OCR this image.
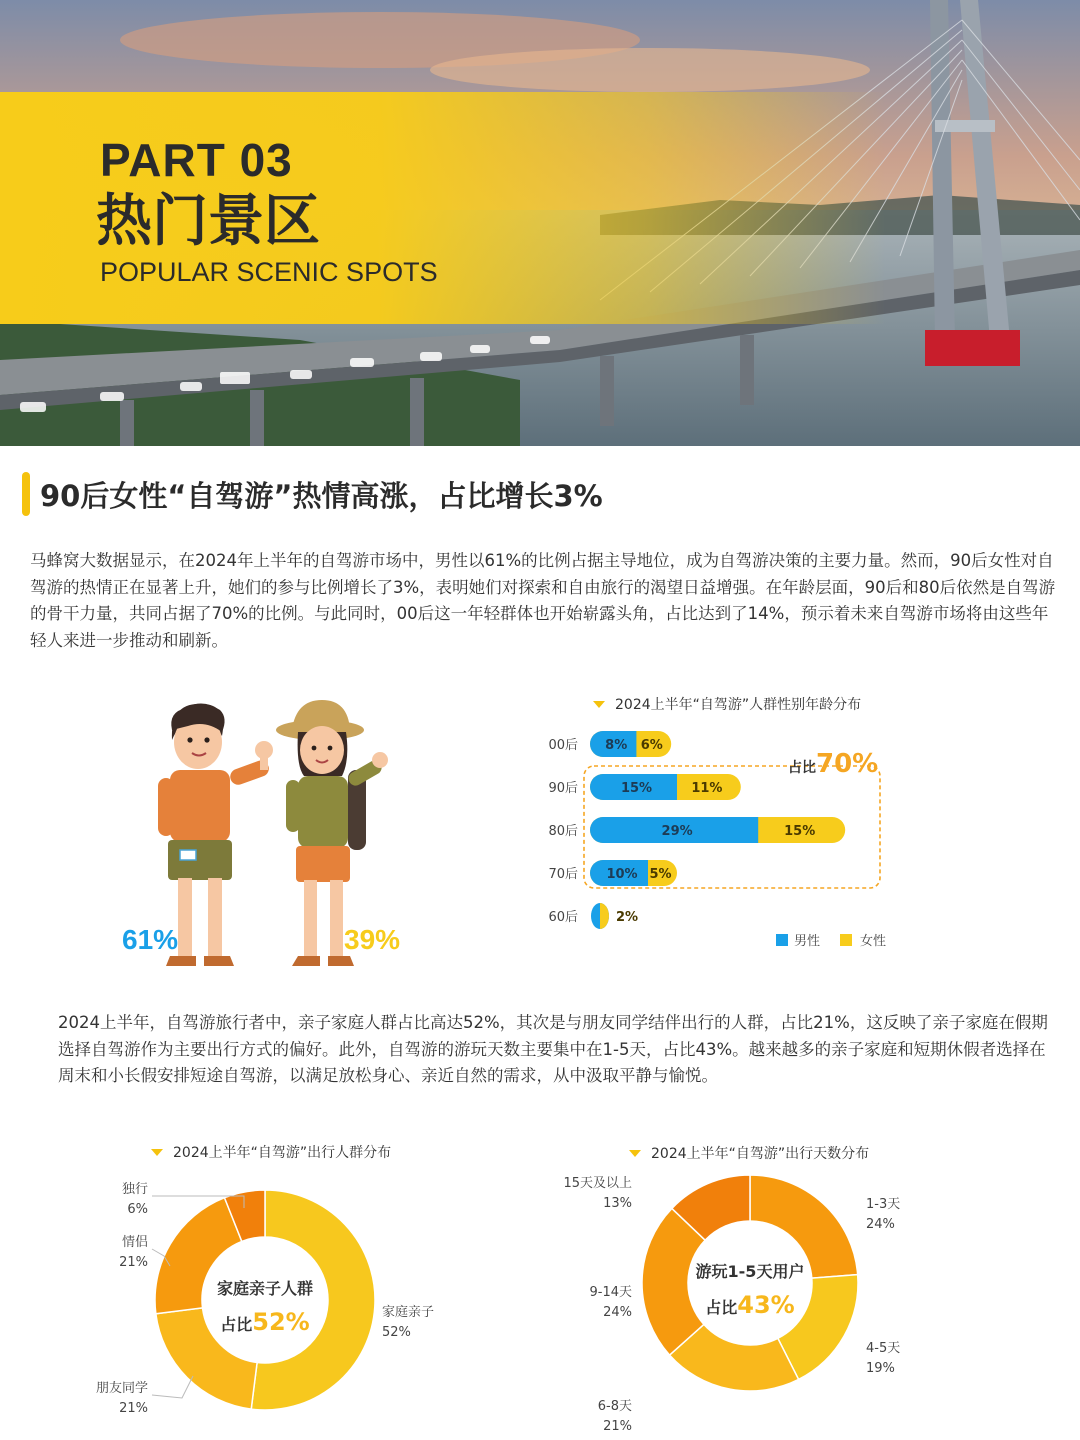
PART 03
热门景区
POPULAR SCENIC SPOTS
90后女性“自驾游”热情高涨，占比增长3%
马蜂窝大数据显示，在2024年上半年的自驾游市场中，男性以61%的比例占据主导地位，成为自驾游决策的主要力量。然而，90后女性对自驾游的热情正在显著上升，她们的参与比例增长了3%，表明她们对探索和自由旅行的渴望日益增强。在年龄层面，90后和80后依然是自驾游的骨干力量，共同占据了70%的比例。与此同时，00后这一年轻群体也开始崭露头角，占比达到了14%，预示着未来自驾游市场将由这些年轻人来进一步推动和刷新。
61%	39%
2024上半年“自驾游”人群性别年龄分布
00后 8% 6%
90后	15%	11%
80后	29%	15%
70后 10% 5%
60后	2%
占比70%
男性	女性
2024上半年，自驾游旅行者中，亲子家庭人群占比高达52%，其次是与朋友同学结伴出行的人群，占比21%，这反映了亲子家庭在假期选择自驾游作为主要出行方式的偏好。此外，自驾游的游玩天数主要集中在1-5天，占比43%。越来越多的亲子家庭和短期休假者选择在周末和小长假安排短途自驾游，以满足放松身心、亲近自然的需求，从中汲取平静与愉悦。
2024上半年“自驾游”出行人群分布
家庭亲子
52%
朋友同学
21%
情侣
21%
独行
6%
家庭亲子人群
占比52%
2024上半年“自驾游”出行天数分布
1-3天
24%
4-5天
19%
6-8天
21%
9-14天
24%
15天及以上
13%
游玩1-5天用户
占比43%
